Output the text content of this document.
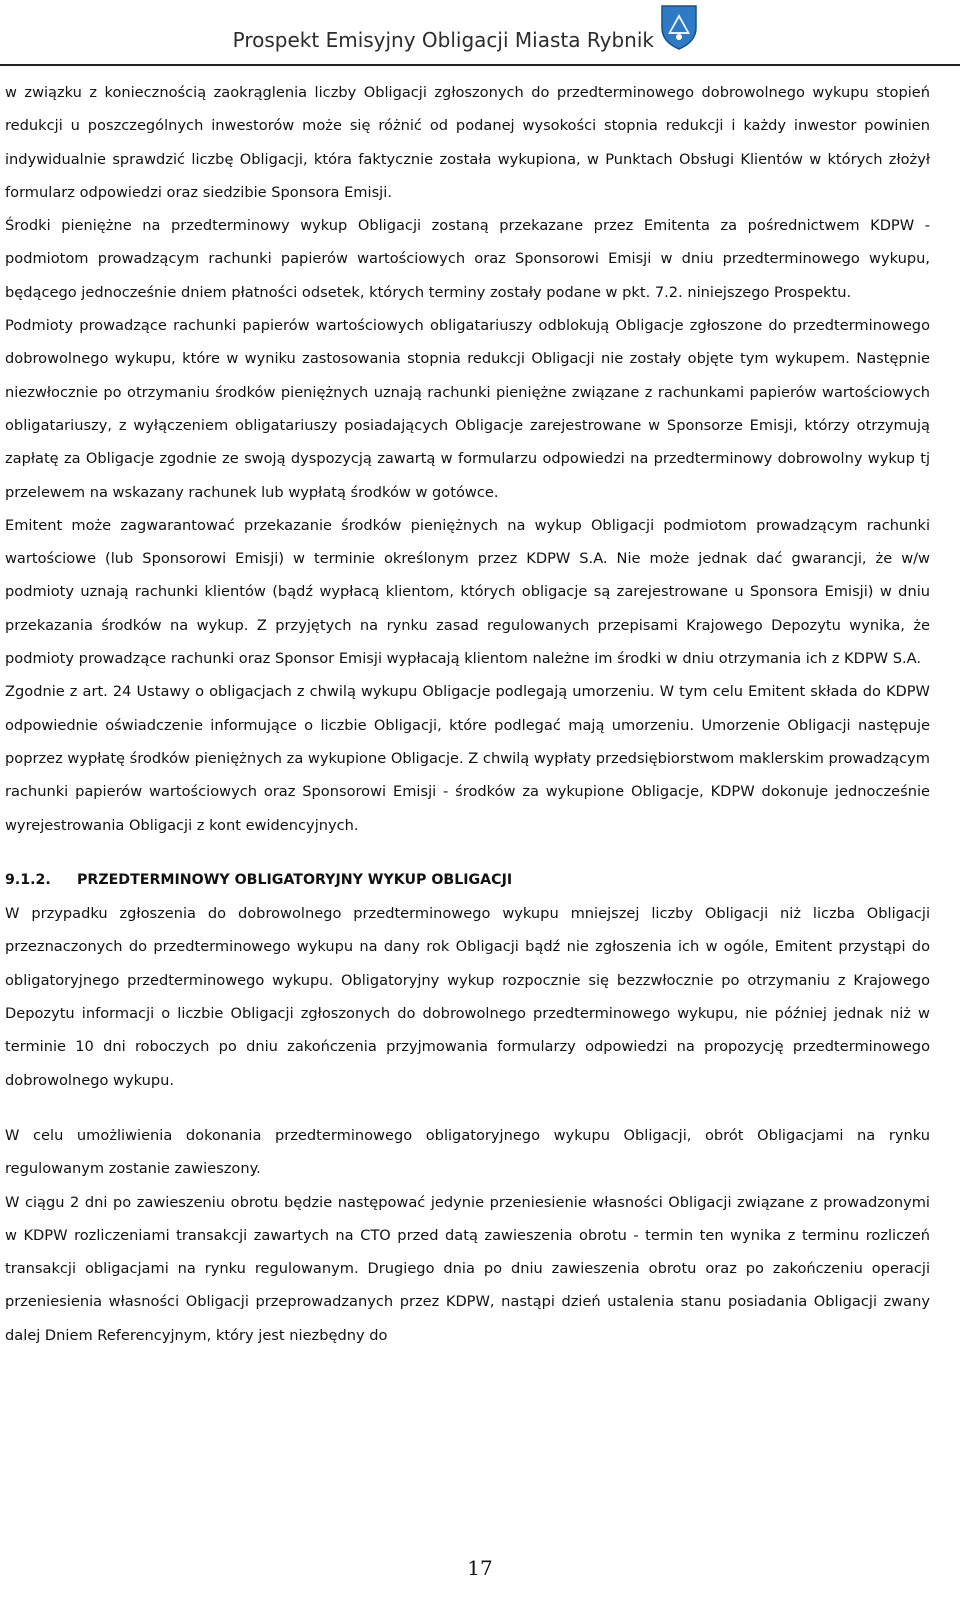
Prospekt Emisyjny Obligacji Miasta Rybnik

w związku z koniecznością zaokrąglenia liczby Obligacji zgłoszonych do przedterminowego dobrowolnego wykupu stopień redukcji u poszczególnych inwestorów może się różnić od podanej wysokości stopnia redukcji i każdy inwestor powinien indywidualnie sprawdzić liczbę Obligacji, która faktycznie została wykupiona, w Punktach Obsługi Klientów w których złożył formularz odpowiedzi oraz siedzibie Sponsora Emisji.

Środki pieniężne na przedterminowy wykup Obligacji zostaną przekazane przez Emitenta za pośrednictwem KDPW - podmiotom prowadzącym rachunki papierów wartościowych oraz Sponsorowi Emisji w dniu przedterminowego wykupu, będącego jednocześnie dniem płatności odsetek, których terminy zostały podane w pkt. 7.2. niniejszego Prospektu.

Podmioty prowadzące rachunki papierów wartościowych obligatariuszy odblokują Obligacje zgłoszone do przedterminowego dobrowolnego wykupu, które w wyniku zastosowania stopnia redukcji Obligacji nie zostały objęte tym wykupem. Następnie niezwłocznie po otrzymaniu środków pieniężnych uznają rachunki pieniężne związane z rachunkami papierów wartościowych obligatariuszy, z wyłączeniem obligatariuszy posiadających Obligacje zarejestrowane w Sponsorze Emisji, którzy otrzymują zapłatę za Obligacje zgodnie ze swoją dyspozycją zawartą w formularzu odpowiedzi na przedterminowy dobrowolny wykup tj przelewem na wskazany rachunek lub wypłatą środków w gotówce.

Emitent może zagwarantować przekazanie środków pieniężnych na wykup Obligacji podmiotom prowadzącym rachunki wartościowe (lub Sponsorowi Emisji) w terminie określonym przez KDPW S.A. Nie może jednak dać gwarancji, że w/w podmioty uznają rachunki klientów (bądź wypłacą klientom, których obligacje są zarejestrowane u Sponsora Emisji) w dniu przekazania środków na wykup. Z przyjętych na rynku zasad regulowanych przepisami Krajowego Depozytu wynika, że podmioty prowadzące rachunki oraz Sponsor Emisji wypłacają klientom należne im środki w dniu otrzymania ich z KDPW S.A.

Zgodnie z art. 24 Ustawy o obligacjach z chwilą wykupu Obligacje podlegają umorzeniu. W tym celu Emitent składa do KDPW odpowiednie oświadczenie informujące o liczbie Obligacji, które podlegać mają umorzeniu. Umorzenie Obligacji następuje poprzez wypłatę środków pieniężnych za wykupione Obligacje. Z chwilą wypłaty przedsiębiorstwom maklerskim prowadzącym rachunki papierów wartościowych oraz Sponsorowi Emisji - środków za wykupione Obligacje, KDPW dokonuje jednocześnie wyrejestrowania Obligacji z kont ewidencyjnych.

9.1.2.	PRZEDTERMINOWY OBLIGATORYJNY WYKUP OBLIGACJI

W przypadku zgłoszenia do dobrowolnego przedterminowego wykupu mniejszej liczby Obligacji niż liczba Obligacji przeznaczonych do przedterminowego wykupu na dany rok Obligacji bądź nie zgłoszenia ich w ogóle, Emitent przystąpi do obligatoryjnego przedterminowego wykupu. Obligatoryjny wykup rozpocznie się bezzwłocznie po otrzymaniu z Krajowego Depozytu informacji o liczbie Obligacji zgłoszonych do dobrowolnego przedterminowego wykupu, nie później jednak niż w terminie 10 dni roboczych po dniu zakończenia przyjmowania formularzy odpowiedzi na propozycję przedterminowego dobrowolnego wykupu.

W celu umożliwienia dokonania przedterminowego obligatoryjnego wykupu Obligacji, obrót Obligacjami na rynku regulowanym zostanie zawieszony.

W ciągu 2 dni po zawieszeniu obrotu będzie następować jedynie przeniesienie własności Obligacji związane z prowadzonymi w KDPW rozliczeniami transakcji zawartych na CTO przed datą zawieszenia obrotu - termin ten wynika z terminu rozliczeń transakcji obligacjami na rynku regulowanym. Drugiego dnia po dniu zawieszenia obrotu oraz po zakończeniu operacji przeniesienia własności Obligacji przeprowadzanych przez KDPW, nastąpi dzień ustalenia stanu posiadania Obligacji zwany dalej Dniem Referencyjnym, który jest niezbędny do

17
